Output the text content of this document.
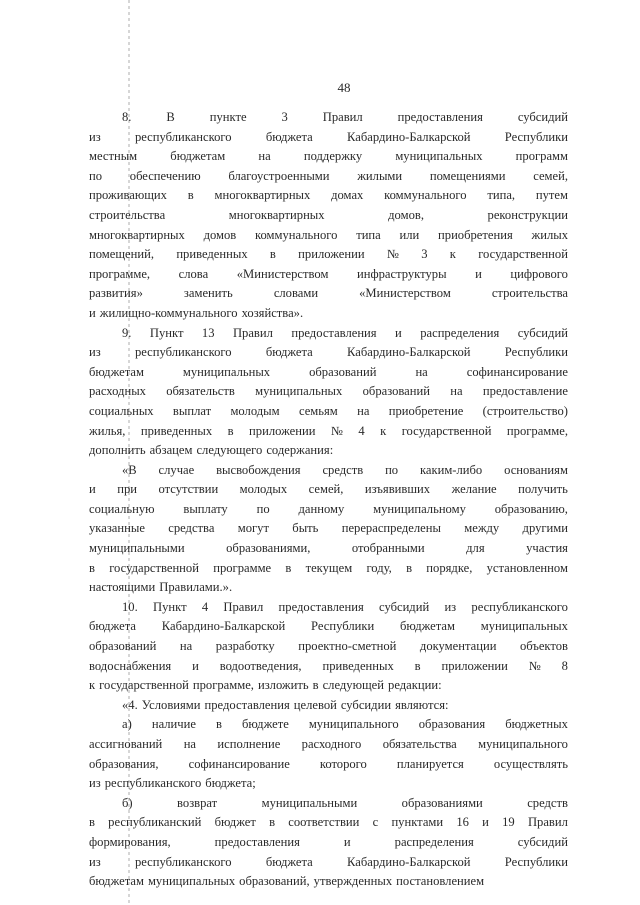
48
8.	В	пункте	3	Правил	предоставления	субсидий
из	республиканского	бюджета	Кабардино-Балкарской	Республики
местным	бюджетам	на	поддержку	муниципальных	программ
по обеспечению благоустроенными жилыми помещениями семей,
проживающих в многоквартирных домах коммунального типа, путем
строительства	многоквартирных	домов,	реконструкции
многоквартирных домов коммунального типа или приобретения жилых
помещений, приведенных в приложении № 3 к государственной
программе, слова «Министерством инфраструктуры и цифрового
развития»	заменить	словами	«Министерством	строительства
и жилищно-коммунального хозяйства».
9. Пункт 13 Правил предоставления и распределения субсидий
из	республиканского	бюджета	Кабардино-Балкарской	Республики
бюджетам	муниципальных	образований	на	софинансирование
расходных обязательств муниципальных образований на предоставление
социальных выплат молодым семьям на приобретение (строительство)
жилья, приведенных в приложении № 4 к государственной программе,
дополнить абзацем следующего содержания:
«В случае высвобождения средств по каким-либо основаниям
и при отсутствии молодых семей, изъявивших желание получить
социальную выплату по данному муниципальному образованию,
указанные средства могут быть перераспределены между другими
муниципальными	образованиями,	отобранными	для	участия
в государственной программе в текущем году, в порядке, установленном
настоящими Правилами.».
10. Пункт 4 Правил предоставления субсидий из республиканского
бюджета Кабардино-Балкарской Республики бюджетам муниципальных
образований на разработку проектно-сметной документации объектов
водоснабжения и водоотведения, приведенных в приложении № 8
к государственной программе, изложить в следующей редакции:
«4. Условиями предоставления целевой субсидии являются:
а) наличие в бюджете муниципального образования бюджетных
ассигнований на исполнение расходного обязательства муниципального
образования, софинансирование которого планируется осуществлять
из республиканского бюджета;
б)	возврат	муниципальными	образованиями	средств
в республиканский бюджет в соответствии с пунктами 16 и 19 Правил
формирования,	предоставления	и	распределения	субсидий
из	республиканского	бюджета	Кабардино-Балкарской	Республики
бюджетам муниципальных образований, утвержденных постановлением
